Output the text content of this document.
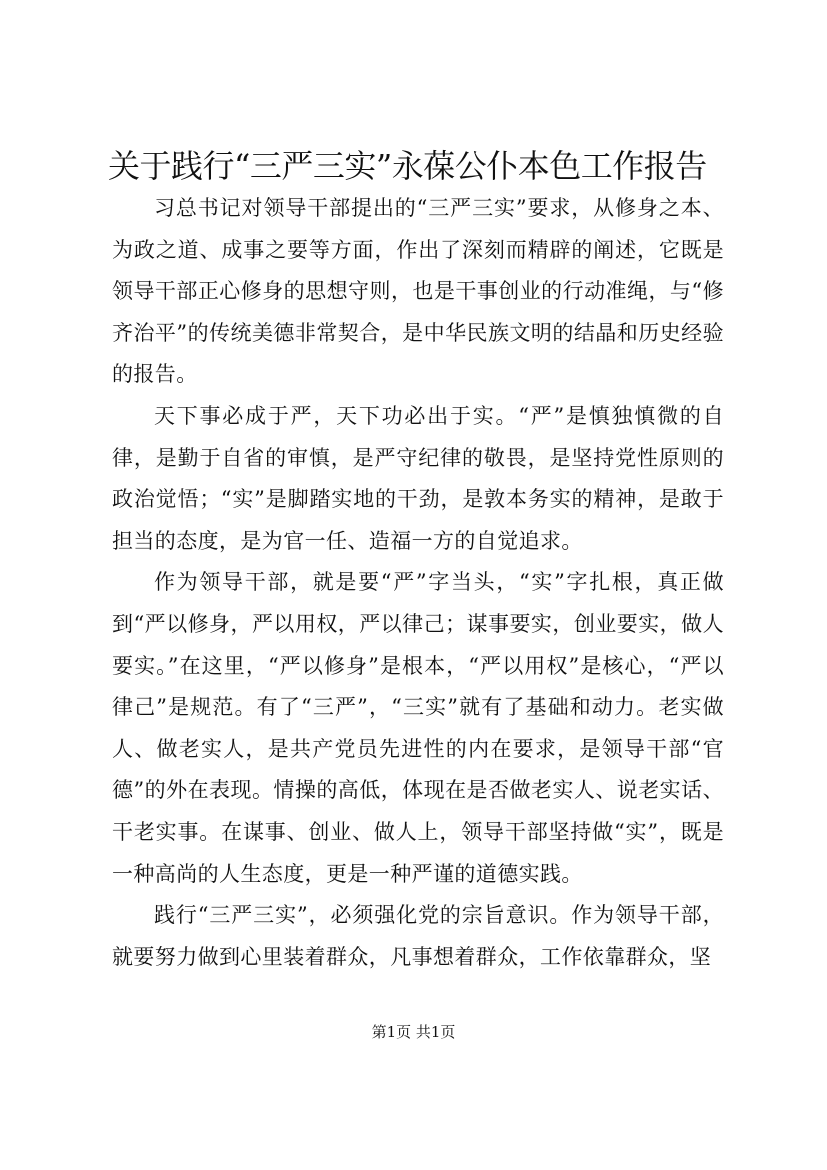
关于践行“三严三实”永葆公仆本色工作报告

习总书记对领导干部提出的“三严三实”要求，从修身之本、为政之道、成事之要等方面，作出了深刻而精辟的阐述，它既是领导干部正心修身的思想守则，也是干事创业的行动准绳，与“修齐治平”的传统美德非常契合，是中华民族文明的结晶和历史经验的报告。

天下事必成于严，天下功必出于实。“严”是慎独慎微的自律，是勤于自省的审慎，是严守纪律的敬畏，是坚持党性原则的政治觉悟；“实”是脚踏实地的干劲，是敦本务实的精神，是敢于担当的态度，是为官一任、造福一方的自觉追求。

作为领导干部，就是要“严”字当头，“实”字扎根，真正做到“严以修身，严以用权，严以律己；谋事要实，创业要实，做人要实。”在这里，“严以修身”是根本，“严以用权”是核心，“严以律己”是规范。有了“三严”，“三实”就有了基础和动力。老实做人、做老实人，是共产党员先进性的内在要求，是领导干部“官德”的外在表现。情操的高低，体现在是否做老实人、说老实话、干老实事。在谋事、创业、做人上，领导干部坚持做“实”，既是一种高尚的人生态度，更是一种严谨的道德实践。

践行“三严三实”，必须强化党的宗旨意识。作为领导干部，就要努力做到心里装着群众，凡事想着群众，工作依靠群众，坚

第1页 共1页
